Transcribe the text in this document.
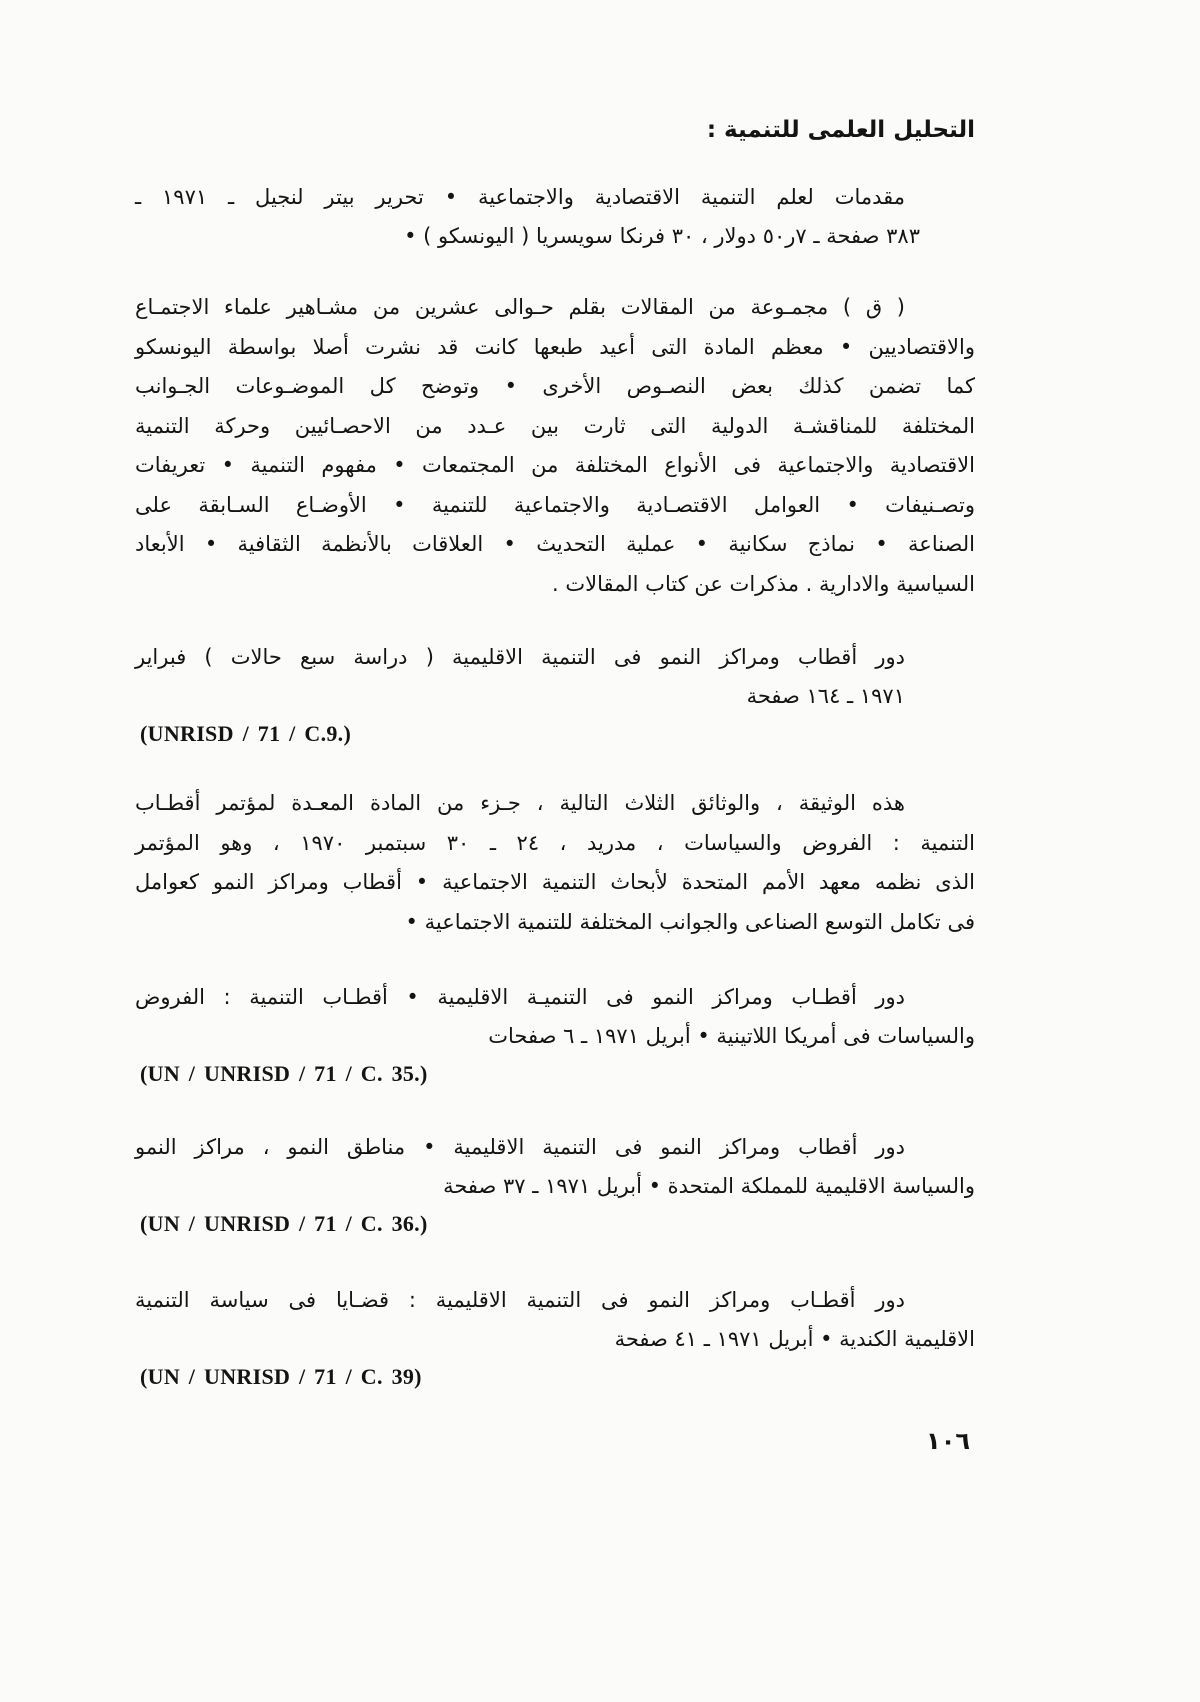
التحليل العلمى للتنمية :
مقدمات لعلم التنمية الاقتصادية والاجتماعية • تحرير بيتر لنجيل ـ ١٩٧١ ـ
٣٨٣ صفحة ـ ٧ر٥٠ دولار ، ٣٠ فرنكا سويسريا ( اليونسكو ) •
( ق ) مجمـوعة من المقالات بقلم حـوالى عشرين من مشـاهير علماء الاجتمـاع
والاقتصاديين • معظم المادة التى أعيد طبعها كانت قد نشرت أصلا بواسطة اليونسكو
كما تضمن كذلك بعض النصـوص الأخرى • وتوضح كل الموضـوعات الجـوانب
المختلفة للمناقشـة الدولية التى ثارت بين عـدد من الاحصـائيين وحركة التنمية
الاقتصادية والاجتماعية فى الأنواع المختلفة من المجتمعات • مفهوم التنمية • تعريفات
وتصـنيفات • العوامل الاقتصـادية والاجتماعية للتنمية • الأوضـاع السـابقة على
الصناعة • نماذج سكانية • عملية التحديث • العلاقات بالأنظمة الثقافية • الأبعاد
السياسية والادارية . مذكرات عن كتاب المقالات .
دور أقطاب ومراكز النمو فى التنمية الاقليمية ( دراسة سبع حالات ) فبراير
١٩٧١ ـ ١٦٤ صفحة
(UNRISD / 71 / C.9.)
هذه الوثيقة ، والوثائق الثلاث التالية ، جـزء من المادة المعـدة لمؤتمر أقطـاب
التنمية : الفروض والسياسات ، مدريد ، ٢٤ ـ ٣٠ سبتمبر ١٩٧٠ ، وهو المؤتمر
الذى نظمه معهد الأمم المتحدة لأبحاث التنمية الاجتماعية • أقطاب ومراكز النمو كعوامل
فى تكامل التوسع الصناعى والجوانب المختلفة للتنمية الاجتماعية •
دور أقطـاب ومراكز النمو فى التنميـة الاقليمية • أقطـاب التنمية : الفروض
والسياسات فى أمريكا اللاتينية • أبريل ١٩٧١ ـ ٦ صفحات
(UN / UNRISD / 71 / C. 35.)
دور أقطاب ومراكز النمو فى التنمية الاقليمية • مناطق النمو ، مراكز النمو
والسياسة الاقليمية للمملكة المتحدة • أبريل ١٩٧١ ـ ٣٧ صفحة
(UN / UNRISD / 71 / C. 36.)
دور أقطـاب ومراكز النمو فى التنمية الاقليمية : قضـايا فى سياسة التنمية
الاقليمية الكندية • أبريل ١٩٧١ ـ ٤١ صفحة
(UN / UNRISD / 71 / C. 39)
١٠٦
